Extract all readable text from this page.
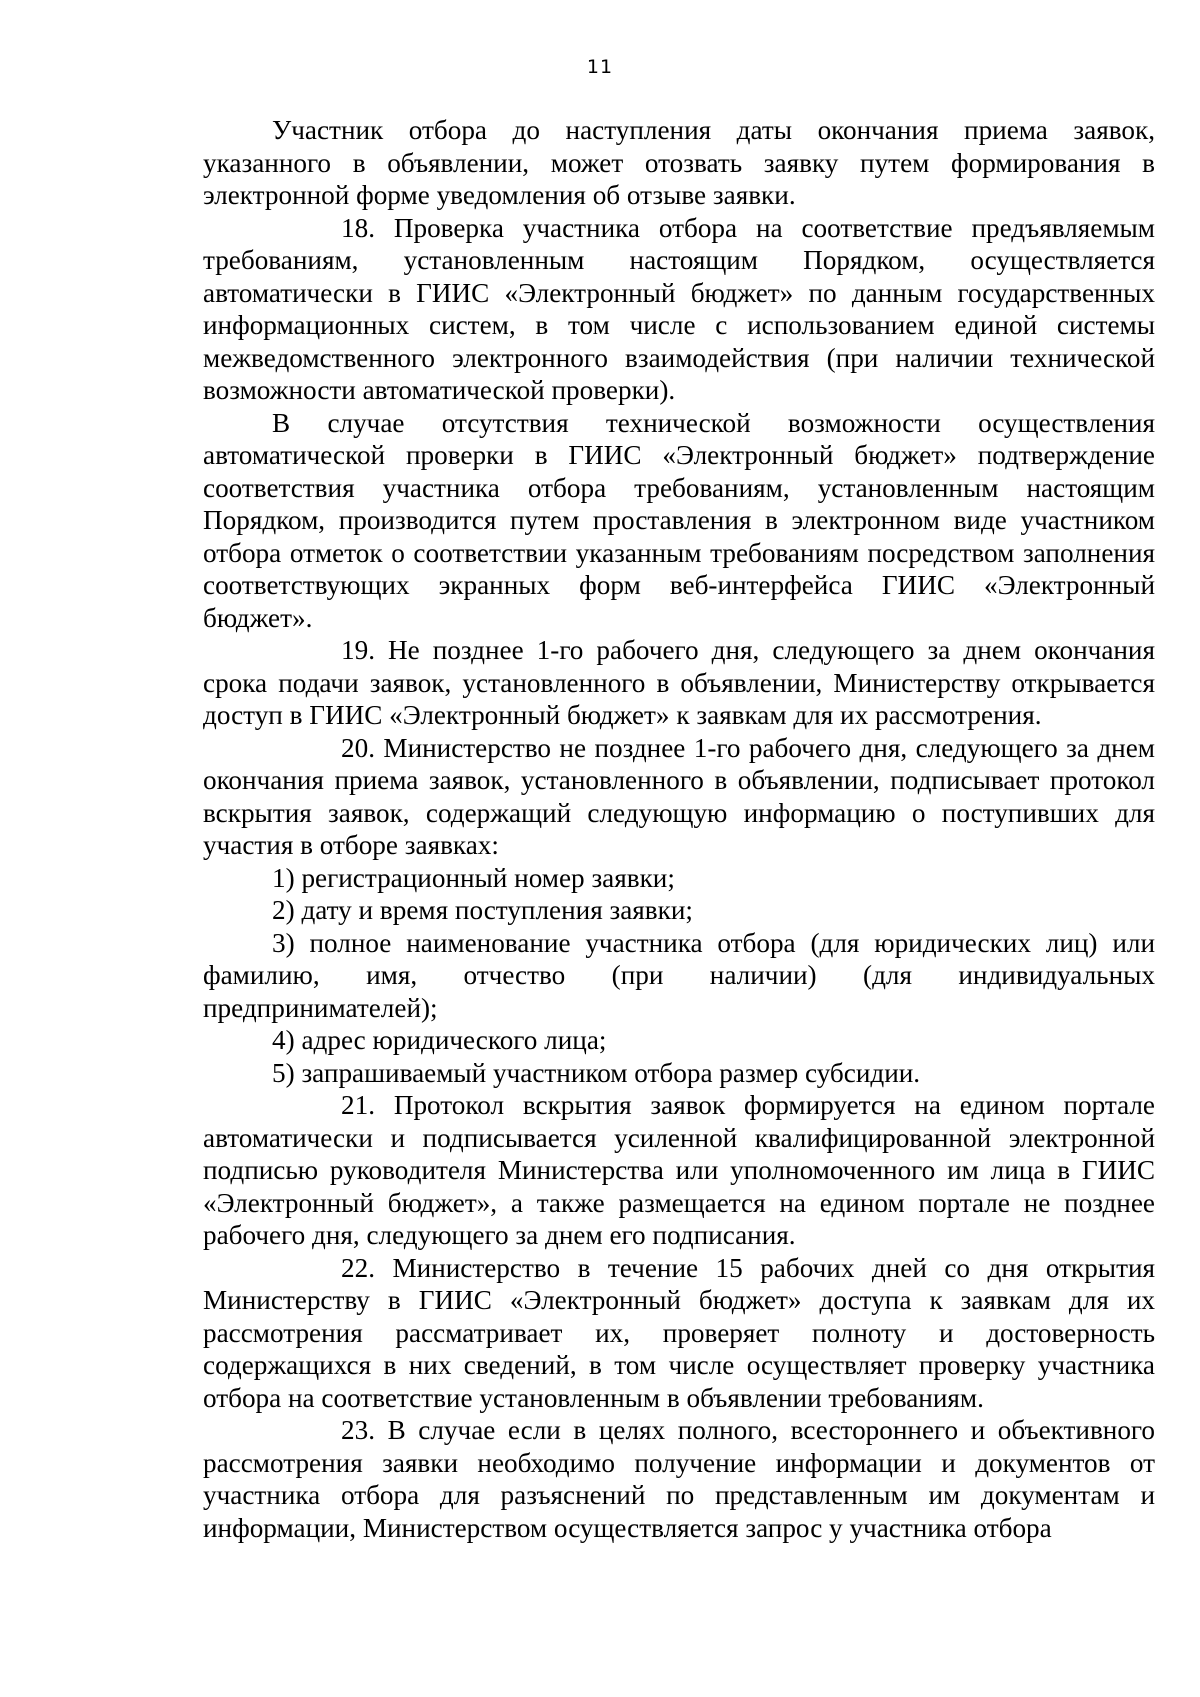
11

Участник отбора до наступления даты окончания приема заявок, указанного в объявлении, может отозвать заявку путем формирования в электронной форме уведомления об отзыве заявки.

18. Проверка участника отбора на соответствие предъявляемым требованиям, установленным настоящим Порядком, осуществляется автоматически в ГИИС «Электронный бюджет» по данным государственных информационных систем, в том числе с использованием единой системы межведомственного электронного взаимодействия (при наличии технической возможности автоматической проверки).

В случае отсутствия технической возможности осуществления автоматической проверки в ГИИС «Электронный бюджет» подтверждение соответствия участника отбора требованиям, установленным настоящим Порядком, производится путем проставления в электронном виде участником отбора отметок о соответствии указанным требованиям посредством заполнения соответствующих экранных форм веб-интерфейса ГИИС «Электронный бюджет».

19. Не позднее 1-го рабочего дня, следующего за днем окончания срока подачи заявок, установленного в объявлении, Министерству открывается доступ в ГИИС «Электронный бюджет» к заявкам для их рассмотрения.

20. Министерство не позднее 1-го рабочего дня, следующего за днем окончания приема заявок, установленного в объявлении, подписывает протокол вскрытия заявок, содержащий следующую информацию о поступивших для участия в отборе заявках:

1) регистрационный номер заявки;

2) дату и время поступления заявки;

3) полное наименование участника отбора (для юридических лиц) или фамилию, имя, отчество (при наличии) (для индивидуальных предпринимателей);

4) адрес юридического лица;

5) запрашиваемый участником отбора размер субсидии.

21. Протокол вскрытия заявок формируется на едином портале автоматически и подписывается усиленной квалифицированной электронной подписью руководителя Министерства или уполномоченного им лица в ГИИС «Электронный бюджет», а также размещается на едином портале не позднее рабочего дня, следующего за днем его подписания.

22. Министерство в течение 15 рабочих дней со дня открытия Министерству в ГИИС «Электронный бюджет» доступа к заявкам для их рассмотрения рассматривает их, проверяет полноту и достоверность содержащихся в них сведений, в том числе осуществляет проверку участника отбора на соответствие установленным в объявлении требованиям.

23. В случае если в целях полного, всестороннего и объективного рассмотрения заявки необходимо получение информации и документов от участника отбора для разъяснений по представленным им документам и информации, Министерством осуществляется запрос у участника отбора
